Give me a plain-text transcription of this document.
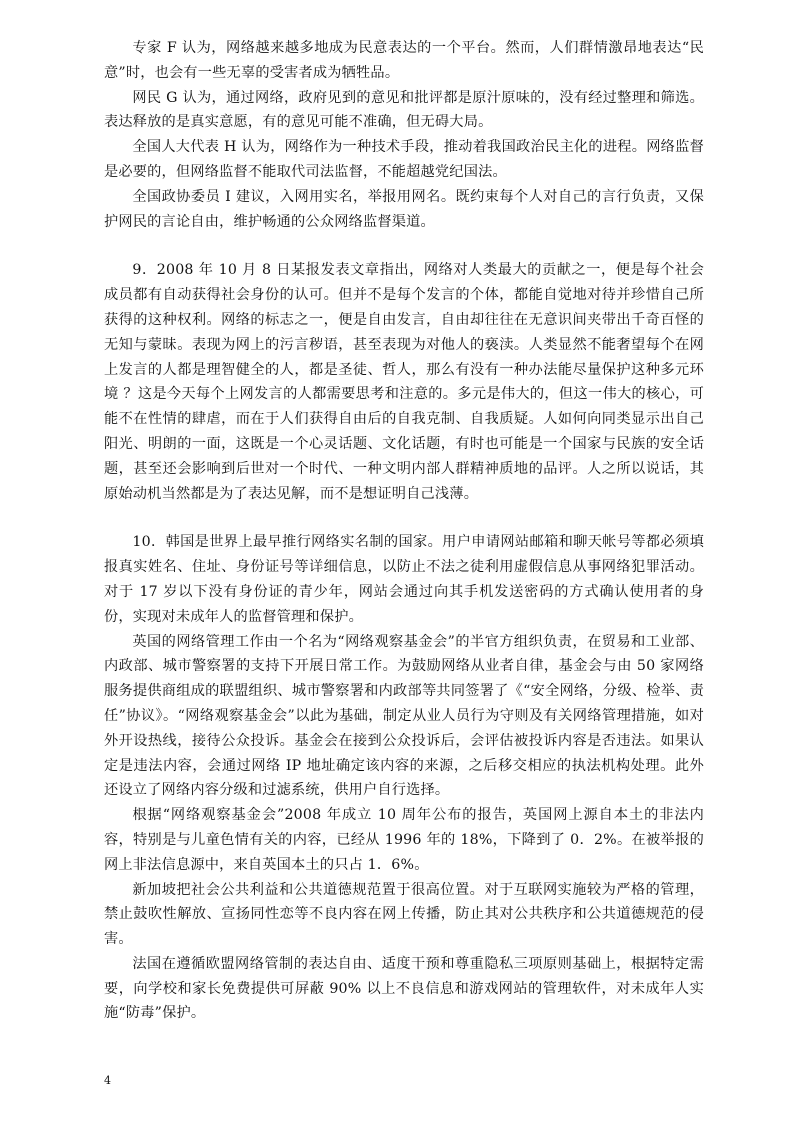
专家 F 认为，网络越来越多地成为民意表达的一个平台。然而，人们群情激昂地表达“民意”时，也会有一些无辜的受害者成为牺牲品。

网民 G 认为，通过网络，政府见到的意见和批评都是原汁原味的，没有经过整理和筛选。表达释放的是真实意愿，有的意见可能不准确，但无碍大局。

全国人大代表 H 认为，网络作为一种技术手段，推动着我国政治民主化的进程。网络监督是必要的，但网络监督不能取代司法监督，不能超越党纪国法。

全国政协委员 I 建议，入网用实名，举报用网名。既约束每个人对自己的言行负责，又保护网民的言论自由，维护畅通的公众网络监督渠道。

9．2008 年 10 月 8 日某报发表文章指出，网络对人类最大的贡献之一，便是每个社会成员都有自动获得社会身份的认可。但并不是每个发言的个体，都能自觉地对待并珍惜自己所获得的这种权利。网络的标志之一，便是自由发言，自由却往往在无意识间夹带出千奇百怪的无知与蒙昧。表现为网上的污言秽语，甚至表现为对他人的亵渎。人类显然不能奢望每个在网上发言的人都是理智健全的人，都是圣徒、哲人，那么有没有一种办法能尽量保护这种多元环境 ？这是今天每个上网发言的人都需要思考和注意的。多元是伟大的，但这一伟大的核心，可能不在性情的肆虐，而在于人们获得自由后的自我克制、自我质疑。人如何向同类显示出自己阳光、明朗的一面，这既是一个心灵话题、文化话题，有时也可能是一个国家与民族的安全话题，甚至还会影响到后世对一个时代、一种文明内部人群精神质地的品评。人之所以说话，其原始动机当然都是为了表达见解，而不是想证明自己浅薄。

10．韩国是世界上最早推行网络实名制的国家。用户申请网站邮箱和聊天帐号等都必须填报真实姓名、住址、身份证号等详细信息，以防止不法之徒利用虚假信息从事网络犯罪活动。对于 17 岁以下没有身份证的青少年，网站会通过向其手机发送密码的方式确认使用者的身份，实现对未成年人的监督管理和保护。

英国的网络管理工作由一个名为“网络观察基金会”的半官方组织负责，在贸易和工业部、内政部、城市警察署的支持下开展日常工作。为鼓励网络从业者自律，基金会与由 50 家网络服务提供商组成的联盟组织、城市警察署和内政部等共同签署了《“安全网络，分级、检举、责任”协议》。“网络观察基金会”以此为基础，制定从业人员行为守则及有关网络管理措施，如对外开设热线，接待公众投诉。基金会在接到公众投诉后，会评估被投诉内容是否违法。如果认定是违法内容，会通过网络 IP 地址确定该内容的来源，之后移交相应的执法机构处理。此外还设立了网络内容分级和过滤系统，供用户自行选择。

根据“网络观察基金会”2008 年成立 10 周年公布的报告，英国网上源自本土的非法内容，特别是与儿童色情有关的内容，已经从 1996 年的 18%，下降到了 0．2%。在被举报的网上非法信息源中，来自英国本土的只占 1．6%。

新加坡把社会公共利益和公共道德规范置于很高位置。对于互联网实施较为严格的管理，禁止鼓吹性解放、宣扬同性恋等不良内容在网上传播，防止其对公共秩序和公共道德规范的侵害。

法国在遵循欧盟网络管制的表达自由、适度干预和尊重隐私三项原则基础上，根据特定需要，向学校和家长免费提供可屏蔽 90% 以上不良信息和游戏网站的管理软件，对未成年人实施“防毒”保护。

4
